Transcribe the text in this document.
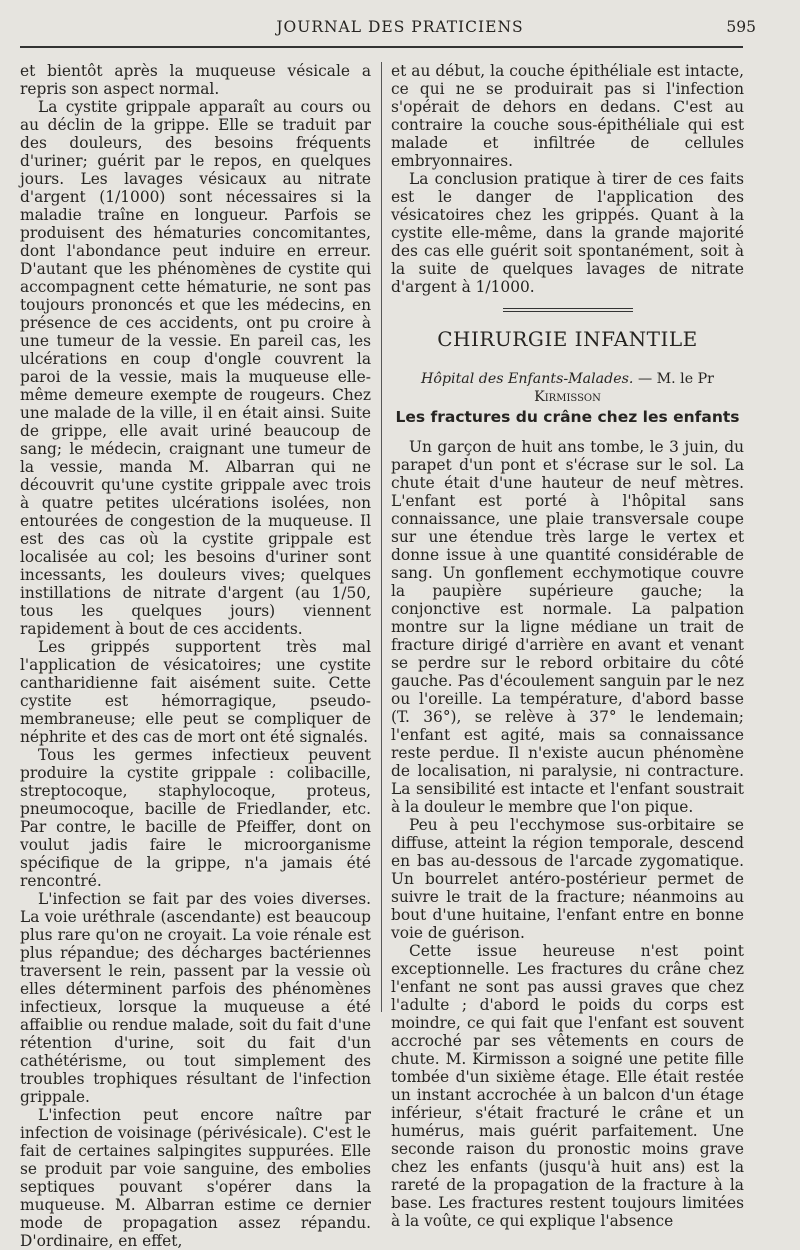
JOURNAL DES PRATICIENS	595

et bientôt après la muqueuse vésicale a repris son aspect normal.

La cystite grippale apparaît au cours ou au déclin de la grippe. Elle se traduit par des douleurs, des besoins fréquents d'uriner; guérit par le repos, en quelques jours. Les lavages vésicaux au nitrate d'argent (1/1000) sont nécessaires si la maladie traîne en longueur. Parfois se produisent des hématuries concomitantes, dont l'abondance peut induire en erreur. D'autant que les phénomènes de cystite qui accompagnent cette hématurie, ne sont pas toujours prononcés et que les médecins, en présence de ces accidents, ont pu croire à une tumeur de la vessie. En pareil cas, les ulcérations en coup d'ongle couvrent la paroi de la vessie, mais la muqueuse elle-même demeure exempte de rougeurs. Chez une malade de la ville, il en était ainsi. Suite de grippe, elle avait uriné beaucoup de sang; le médecin, craignant une tumeur de la vessie, manda M. Albarran qui ne découvrit qu'une cystite grippale avec trois à quatre petites ulcérations isolées, non entourées de congestion de la muqueuse. Il est des cas où la cystite grippale est localisée au col; les besoins d'uriner sont incessants, les douleurs vives; quelques instillations de nitrate d'argent (au 1/50, tous les quelques jours) viennent rapidement à bout de ces accidents.

Les grippés supportent très mal l'application de vésicatoires; une cystite cantharidienne fait aisément suite. Cette cystite est hémorragique, pseudo-membraneuse; elle peut se compliquer de néphrite et des cas de mort ont été signalés.

Tous les germes infectieux peuvent produire la cystite grippale : colibacille, streptocoque, staphylocoque, proteus, pneumocoque, bacille de Friedlander, etc. Par contre, le bacille de Pfeiffer, dont on voulut jadis faire le microorganisme spécifique de la grippe, n'a jamais été rencontré.

L'infection se fait par des voies diverses. La voie uréthrale (ascendante) est beaucoup plus rare qu'on ne croyait. La voie rénale est plus répandue; des décharges bactériennes traversent le rein, passent par la vessie où elles déterminent parfois des phénomènes infectieux, lorsque la muqueuse a été affaiblie ou rendue malade, soit du fait d'une rétention d'urine, soit du fait d'un cathétérisme, ou tout simplement des troubles trophiques résultant de l'infection grippale.

L'infection peut encore naître par infection de voisinage (périvésicale). C'est le fait de certaines salpingites suppurées. Elle se produit par voie sanguine, des embolies septiques pouvant s'opérer dans la muqueuse. M. Albarran estime ce dernier mode de propagation assez répandu. D'ordinaire, en effet,

et au début, la couche épithéliale est intacte, ce qui ne se produirait pas si l'infection s'opérait de dehors en dedans. C'est au contraire la couche sous-épithéliale qui est malade et infiltrée de cellules embryonnaires.

La conclusion pratique à tirer de ces faits est le danger de l'application des vésicatoires chez les grippés. Quant à la cystite elle-même, dans la grande majorité des cas elle guérit soit spontanément, soit à la suite de quelques lavages de nitrate d'argent à 1/1000.

CHIRURGIE INFANTILE
Hôpital des Enfants-Malades. — M. le Pr Kirmisson
Les fractures du crâne chez les enfants

Un garçon de huit ans tombe, le 3 juin, du parapet d'un pont et s'écrase sur le sol. La chute était d'une hauteur de neuf mètres. L'enfant est porté à l'hôpital sans connaissance, une plaie transversale coupe sur une étendue très large le vertex et donne issue à une quantité considérable de sang. Un gonflement ecchymotique couvre la paupière supérieure gauche; la conjonctive est normale. La palpation montre sur la ligne médiane un trait de fracture dirigé d'arrière en avant et venant se perdre sur le rebord orbitaire du côté gauche. Pas d'écoulement sanguin par le nez ou l'oreille. La température, d'abord basse (T. 36°), se relève à 37° le lendemain; l'enfant est agité, mais sa connaissance reste perdue. Il n'existe aucun phénomène de localisation, ni paralysie, ni contracture. La sensibilité est intacte et l'enfant soustrait à la douleur le membre que l'on pique.

Peu à peu l'ecchymose sus-orbitaire se diffuse, atteint la région temporale, descend en bas au-dessous de l'arcade zygomatique. Un bourrelet antéro-postérieur permet de suivre le trait de la fracture; néanmoins au bout d'une huitaine, l'enfant entre en bonne voie de guérison.

Cette issue heureuse n'est point exceptionnelle. Les fractures du crâne chez l'enfant ne sont pas aussi graves que chez l'adulte ; d'abord le poids du corps est moindre, ce qui fait que l'enfant est souvent accroché par ses vêtements en cours de chute. M. Kirmisson a soigné une petite fille tombée d'un sixième étage. Elle était restée un instant accrochée à un balcon d'un étage inférieur, s'était fracturé le crâne et un humérus, mais guérit parfaitement. Une seconde raison du pronostic moins grave chez les enfants (jusqu'à huit ans) est la rareté de la propagation de la fracture à la base. Les fractures restent toujours limitées à la voûte, ce qui explique l'absence
